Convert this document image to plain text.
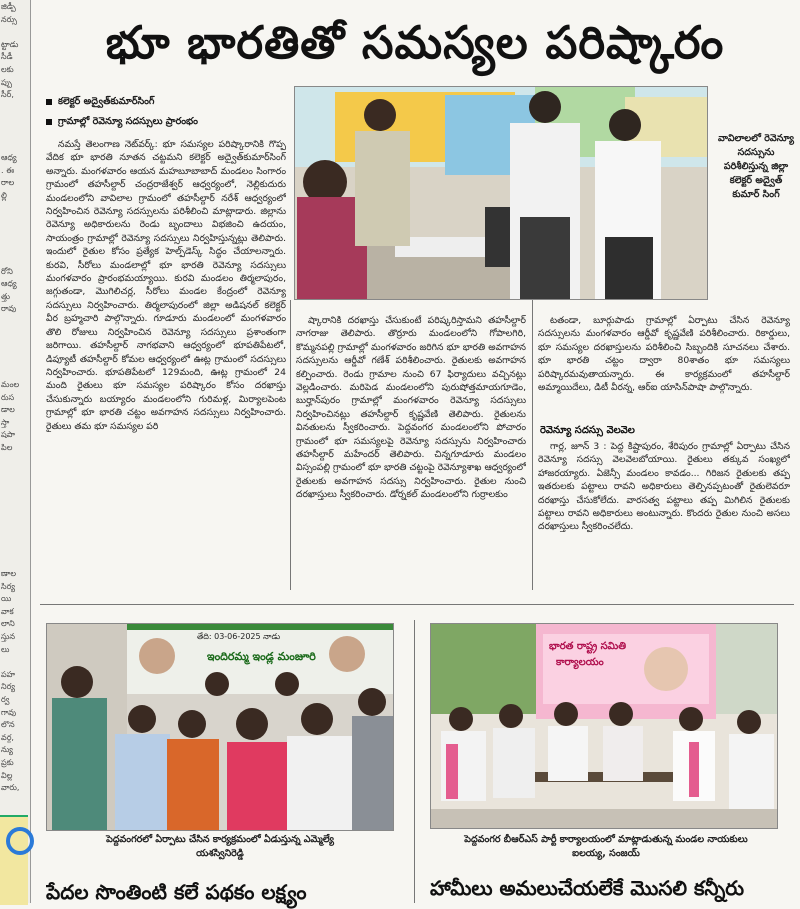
జిడ్పీ
నర్సు
ట్టాడు
సీడీ
లకు
ప్పు
సీర్,
ఆధ్య
. ఈ
రాల
ల్లి
రోని
ఆధ్య
త్తు
రావు
మంల
రుస
డాల
స్తా
షపా
పిల
ణాల
సిర్య
యి
వాక
లాని
స్తున
లు
పహ
నిర్య
ర్వ
గావు
లొన
వర్గ,
న్యు
ప్రకు
విల్ల
వారు,
భూ భారతితో సమస్యల పరిష్కారం
కలెక్టర్ అద్వైత్‌కుమార్‌సింగ్
గ్రామాల్లో రెవెన్యూ సదస్సులు ప్రారంభం
వావిలాలలో రెవెన్యూ సదస్సును పరిశీలిస్తున్న జిల్లా కలెక్టర్ అద్వైత్ కుమార్ సింగ్

నమస్తే తెలంగాణ నెట్‌వర్క్: భూ సమస్యల పరిష్కారానికి గొప్ప వేదిక భూ భారతి నూతన చట్టమని కలెక్టర్ అద్వైత్‌కుమార్‌సింగ్ అన్నారు. మంగళవారం ఆయన మహబూబాబాద్ మండలం సింగారం గ్రామంలో తహసీల్దార్ చంద్రరాజేశ్వర్ ఆధ్వర్యంలో, నెల్లికుదురు మండలంలోని వావిలాల గ్రామంలో తహసీల్దార్ నరేశ్ ఆధ్వర్యంలో నిర్వహించిన రెవెన్యూ సదస్సులను పరిశీలించి మాట్లాడారు. జిల్లాను రెవెన్యూ అధికారులను రెండు బృందాలు విభజించి ఉదయం, సాయంత్రం గ్రామాల్లో రెవెన్యూ సదస్సులు నిర్వహిస్తున్నట్లు తెలిపారు. ఇందులో రైతుల కోసం ప్రత్యేక హెల్ప్‌డెస్క్ సిద్ధం చేయాలన్నారు. కురవి, సీరోలు మండలాల్లో భూ భారతి రెవెన్యూ సదస్సులు మంగళవారం ప్రారంభమయ్యాయి. కురవి మండలం తిర్మలాపురం, జగ్గుతండా, మొగిలిచర్ల, సీరోలు మండల కేంద్రంలో రెవెన్యూ సదస్సులు నిర్వహించారు. తిర్మలాపురంలో జిల్లా అడిషనల్ కలెక్టర్ వీర బ్రహ్మచారి పాల్గొన్నారు. గూడూరు మండలంలో మంగళవారం తొలి రోజులు నిర్వహించిన రెవెన్యూ సదస్సులు ప్రశాంతంగా జరిగాయి. తహసీల్దార్ నాగభవాని ఆధ్వర్యంలో భూపతిపేటలో, డిప్యూటీ తహసీల్దార్ కోమల ఆధ్వర్యంలో ఊట్ల గ్రామంలో సదస్సులు నిర్వహించారు. భూపతిపేటలో 129మంది, ఊట్ల గ్రామంలో 24 మంది రైతులు భూ సమస్యల పరిష్కారం కోసం దరఖాస్తు చేసుకున్నారు బయ్యారం మండలంలోని గురిమళ్ల, మిర్యాలపెంట గ్రామాల్లో భూ భారతి చట్టం అవగాహన సదస్సులు నిర్వహించారు. రైతులు తమ భూ సమస్యల పరి

ష్కారానికి దరఖాస్తు చేసుకుంటే పరిష్కరిస్తామని తహసీల్దార్ నాగరాజు తెలిపారు. తొర్రూరు మండలంలోని గోపాలగిరి, కొమ్మనపల్లి గ్రామాల్లో మంగళవారం జరిగిన భూ భారతి అవగాహన సదస్సులను ఆర్డీవో గణేశ్ పరిశీలించారు. రైతులకు అవగాహన కల్పించారు. రెండు గ్రామాల నుంచి 67 ఫిర్యాదులు వచ్చినట్లు వెల్లడించారు. మరిపెడ మండలంలోని పురుషోత్తమాయగూడెం, బుర్హాన్‌పురం గ్రామాల్లో మంగళవారం రెవెన్యూ సదస్సులు నిర్వహించినట్లు తహసీల్దార్ కృష్ణవేణి తెలిపారు. రైతులను వినతులను స్వీకరించారు. పెద్దవంగర మండలంలోని పోచారం గ్రామంలో భూ సమస్యలపై రెవెన్యూ సదస్సును నిర్వహించారు తహసీల్దార్ మహేందర్ తెలిపారు. చిన్నగూడూరు మండలం విస్సంపల్లి గ్రామంలో భూ భారతి చట్టంపై రెవెన్యూశాఖ ఆధ్వర్యంలో రైతులకు అవగాహన సదస్సు నిర్వహించారు. రైతుల నుంచి దరఖాస్తులు స్వీకరించారు. డోర్నకల్ మండలంలోని గుర్రాలకుం

టతండా, బూర్గుపాడు గ్రామాల్లో ఏర్పాటు చేసిన రెవెన్యూ సదస్సులను మంగళవారం ఆర్డీవో కృష్ణవేణి పరిశీలించారు. రికార్డులు, భూ సమస్యల దరఖాస్తులను పరిశీలించి సిబ్బందికి సూచనలు చేశారు. భూ భారతి చట్టం ద్వారా 80శాతం భూ సమస్యలు పరిష్కారమవుతాయన్నారు. ఈ కార్యక్రమంలో తహసీల్దార్ అమ్మాయిదేలు, డిటీ వీరన్న, ఆర్‌ఐ యాసిన్‌పాషా పాల్గొన్నారు.

రెవెన్యూ సదస్సు వెలవెల

గార్ల, జూన్ 3 : పెద్ద కిష్టాపురం, శేరిపురం గ్రామాల్లో ఏర్పాటు చేసిన రెవెన్యూ సదస్సు వెలవెలబోయాయి. రైతులు తక్కువ సంఖ్యలో హాజరయ్యారు. ఏజెన్సీ మండలం కావడం... గిరిజన రైతులకు తప్ప ఇతరులకు పట్టాలు రావని అధికారులు తెల్పినప్పటంతో రైతులెవరూ దరఖాస్తు చేసుకోలేదు. వారసత్వ పట్టాలు తప్ప మిగిలిన రైతులకు పట్టాలు రావని అధికారులు అంటున్నారు. కొందరు రైతుల నుంచి అసలు దరఖాస్తులు స్వీకరించలేదు.

తేది: 03-06-2025 నాడు
ఇందిరమ్మ ఇండ్ల మంజూరి
పెద్దవంగరలో ఏర్పాటు చేసిన కార్యక్రమంలో ఏడుస్తున్న ఎమ్మెల్యే యశస్వినిరెడ్డి
భారత రాష్ట్ర సమితి
కార్యాలయం
పెద్దవంగర బీఆర్‌ఎస్ పార్టీ కార్యాలయంలో మాట్లాడుతున్న మండల నాయకులు ఐలయ్య, సంజయ్
పేదల సొంతింటి కలే పథకం లక్ష్యం	హామీలు అమలుచేయలేకే మొసలి కన్నీరు
